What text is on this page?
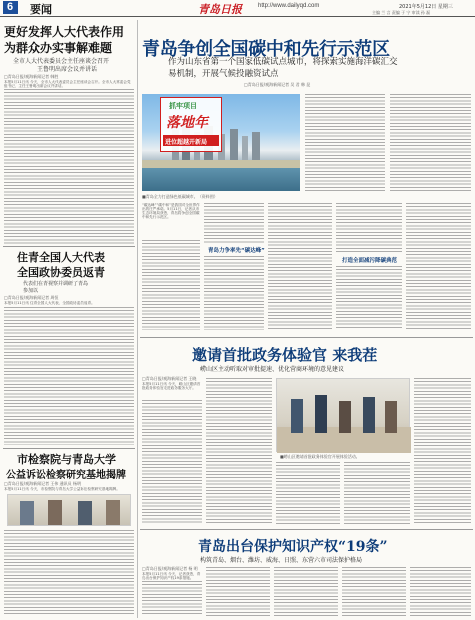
6 要闻	青岛日报	http://www.dailyqd.com	2021年5月12日 星期三
主编 兰 言 责编 于 宁 审读 孙 磊
更好发挥人大代表作用
为群众办实事解难题
全市人大代表委员会主任座谈会召开
王鲁明出席会议并讲话
□青岛日报/观海新闻记者 韩胜
本报5月11日讯 今天，全市人大代表委员会主任座谈会召开。全市人大常委会党组书记、主任王鲁明出席会议并讲话。
住青全国人大代表
全国政协委员返青
代表们在青视察并调研了青岛
参加以
□青岛日报/观海新闻记者 周恒
本报5月11日讯 住青全国人大代表、全国政协委员返青。
市检察院与青岛大学
公益诉讼检察研究基地揭牌
□青岛日报/观海新闻记者 王伟 通讯员 杨明
本报5月11日讯 今天，市检察院与青岛大学公益诉讼检察研究基地揭牌。
青岛争创全国碳中和先行示范区
作为山东省第一个国家低碳试点城市，将探索实施海洋碳汇交易机制，开展气候投融资试点
□青岛日报/观海新闻记者 吴 君 韩 昆
抓牢项目
落地年
进位超越开新局
■青岛全力打造绿色低碳城市。（资料图）
“碳达峰”“碳中和”是我国对全世界作出的庄严承诺。5月11日，记者从市生态环境局获悉，青岛将争创全国碳中和先行示范区。
青岛力争率先“碳达峰”
打造全面减污降碳典范
邀请首批政务体验官 来我茬
崂山区主动听取对审批提速、优化营商环境的意见建议
□青岛日报/观海新闻记者 王晓
本报5月11日讯 今天，崂山区邀请首批政务体验官走进政务服务大厅。
■崂山区邀请首批政务体验官开展体验活动。
青岛出台保护知识产权“19条”
构筑青岛、烟台、潍坊、威海、日照、东营六市司法保护格局
□青岛日报/观海新闻记者 杨 明
本报5月11日讯 今天，记者获悉，青岛出台保护知识产权19条措施。
